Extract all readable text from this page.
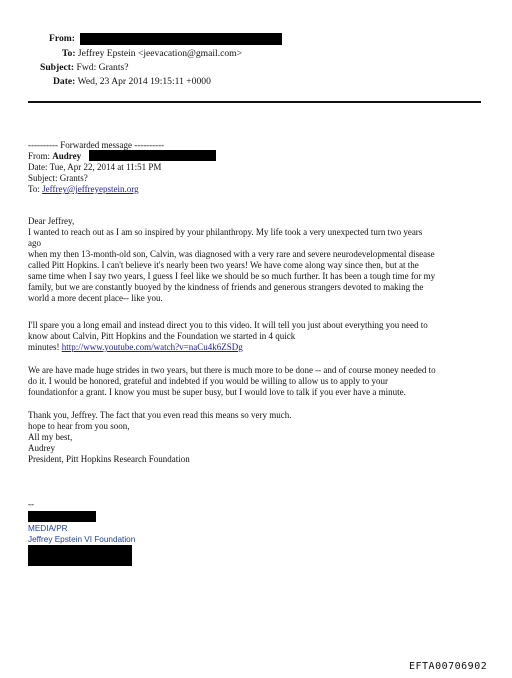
From:
To: Jeffrey Epstein <jeevacation@gmail.com>
Subject: Fwd: Grants?
Date: Wed, 23 Apr 2014 19:15:11 +0000
---------- Forwarded message ----------
From: Audrey
Date: Tue, Apr 22, 2014 at 11:51 PM
Subject: Grants?
To: Jeffrey@jeffreyepstein.org
Dear Jeffrey,
I wanted to reach out as I am so inspired by your philanthropy. My life took a very unexpected turn two years
ago
when my then 13-month-old son, Calvin, was diagnosed with a very rare and severe neurodevelopmental disease
called Pitt Hopkins. I can't believe it's nearly been two years! We have come along way since then, but at the
same time when I say two years, I guess I feel like we should be so much further. It has been a tough time for my
family, but we are constantly buoyed by the kindness of friends and generous strangers devoted to making the
world a more decent place-- like you.
I'll spare you a long email and instead direct you to this video. It will tell you just about everything you need to
know about Calvin, Pitt Hopkins and the Foundation we started in 4 quick
minutes! http://www.youtube.com/watch?v=naCu4k6ZSDg
We are have made huge strides in two years, but there is much more to be done -- and of course money needed to
do it. I would be honored, grateful and indebted if you would be willing to allow us to apply to your
foundationfor a grant. I know you must be super busy, but I would love to talk if you ever have a minute.
Thank you, Jeffrey. The fact that you even read this means so very much.
hope to hear from you soon,
All my best,
Audrey
President, Pitt Hopkins Research Foundation
--
MEDIA/PR
Jeffrey Epstein VI Foundation
EFTA00706902
